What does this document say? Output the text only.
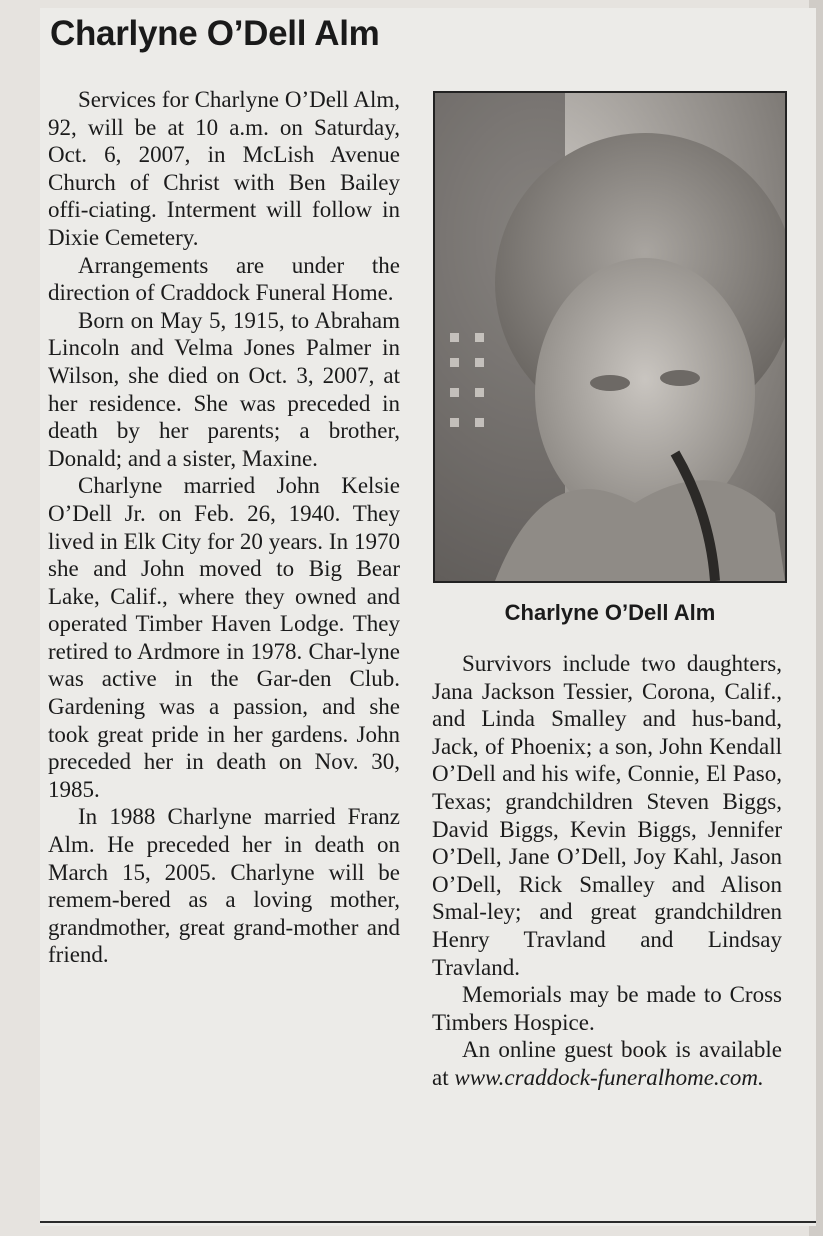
Charlyne O’Dell Alm

Services for Charlyne O’Dell Alm, 92, will be at 10 a.m. on Saturday, Oct. 6, 2007, in McLish Avenue Church of Christ with Ben Bailey offi-ciating. Interment will follow in Dixie Cemetery.

Arrangements are under the direction of Craddock Funeral Home.

Born on May 5, 1915, to Abraham Lincoln and Velma Jones Palmer in Wilson, she died on Oct. 3, 2007, at her residence. She was preceded in death by her parents; a brother, Donald; and a sister, Maxine.

Charlyne married John Kelsie O’Dell Jr. on Feb. 26, 1940. They lived in Elk City for 20 years. In 1970 she and John moved to Big Bear Lake, Calif., where they owned and operated Timber Haven Lodge. They retired to Ardmore in 1978. Char-lyne was active in the Gar-den Club. Gardening was a passion, and she took great pride in her gardens. John preceded her in death on Nov. 30, 1985.

In 1988 Charlyne married Franz Alm. He preceded her in death on March 15, 2005. Charlyne will be remem-bered as a loving mother, grandmother, great grand-mother and friend.

Charlyne O’Dell Alm

Survivors include two daughters, Jana Jackson Tessier, Corona, Calif., and Linda Smalley and hus-band, Jack, of Phoenix; a son, John Kendall O’Dell and his wife, Connie, El Paso, Texas; grandchildren Steven Biggs, David Biggs, Kevin Biggs, Jennifer O’Dell, Jane O’Dell, Joy Kahl, Jason O’Dell, Rick Smalley and Alison Smal-ley; and great grandchildren Henry Travland and Lindsay Travland.

Memorials may be made to Cross Timbers Hospice.

An online guest book is available at www.craddock-funeralhome.com.
